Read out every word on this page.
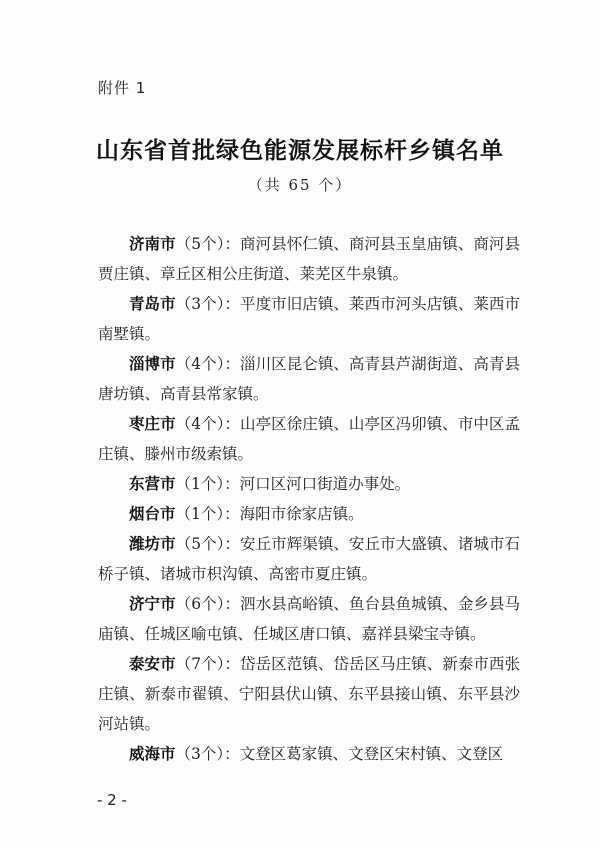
附件 1
山东省首批绿色能源发展标杆乡镇名单
（共 65 个）

济南市（5个）：商河县怀仁镇、商河县玉皇庙镇、商河县贾庄镇、章丘区相公庄街道、莱芜区牛泉镇。

青岛市（3个）：平度市旧店镇、莱西市河头店镇、莱西市南墅镇。

淄博市（4个）：淄川区昆仑镇、高青县芦湖街道、高青县唐坊镇、高青县常家镇。

枣庄市（4个）：山亭区徐庄镇、山亭区冯卯镇、市中区孟庄镇、滕州市级索镇。

东营市（1个）：河口区河口街道办事处。

烟台市（1个）：海阳市徐家店镇。

潍坊市（5个）：安丘市辉渠镇、安丘市大盛镇、诸城市石桥子镇、诸城市枳沟镇、高密市夏庄镇。

济宁市（6个）：泗水县高峪镇、鱼台县鱼城镇、金乡县马庙镇、任城区喻屯镇、任城区唐口镇、嘉祥县梁宝寺镇。

泰安市（7个）：岱岳区范镇、岱岳区马庄镇、新泰市西张庄镇、新泰市翟镇、宁阳县伏山镇、东平县接山镇、东平县沙河站镇。

威海市（3个）：文登区葛家镇、文登区宋村镇、文登区

- 2 -
